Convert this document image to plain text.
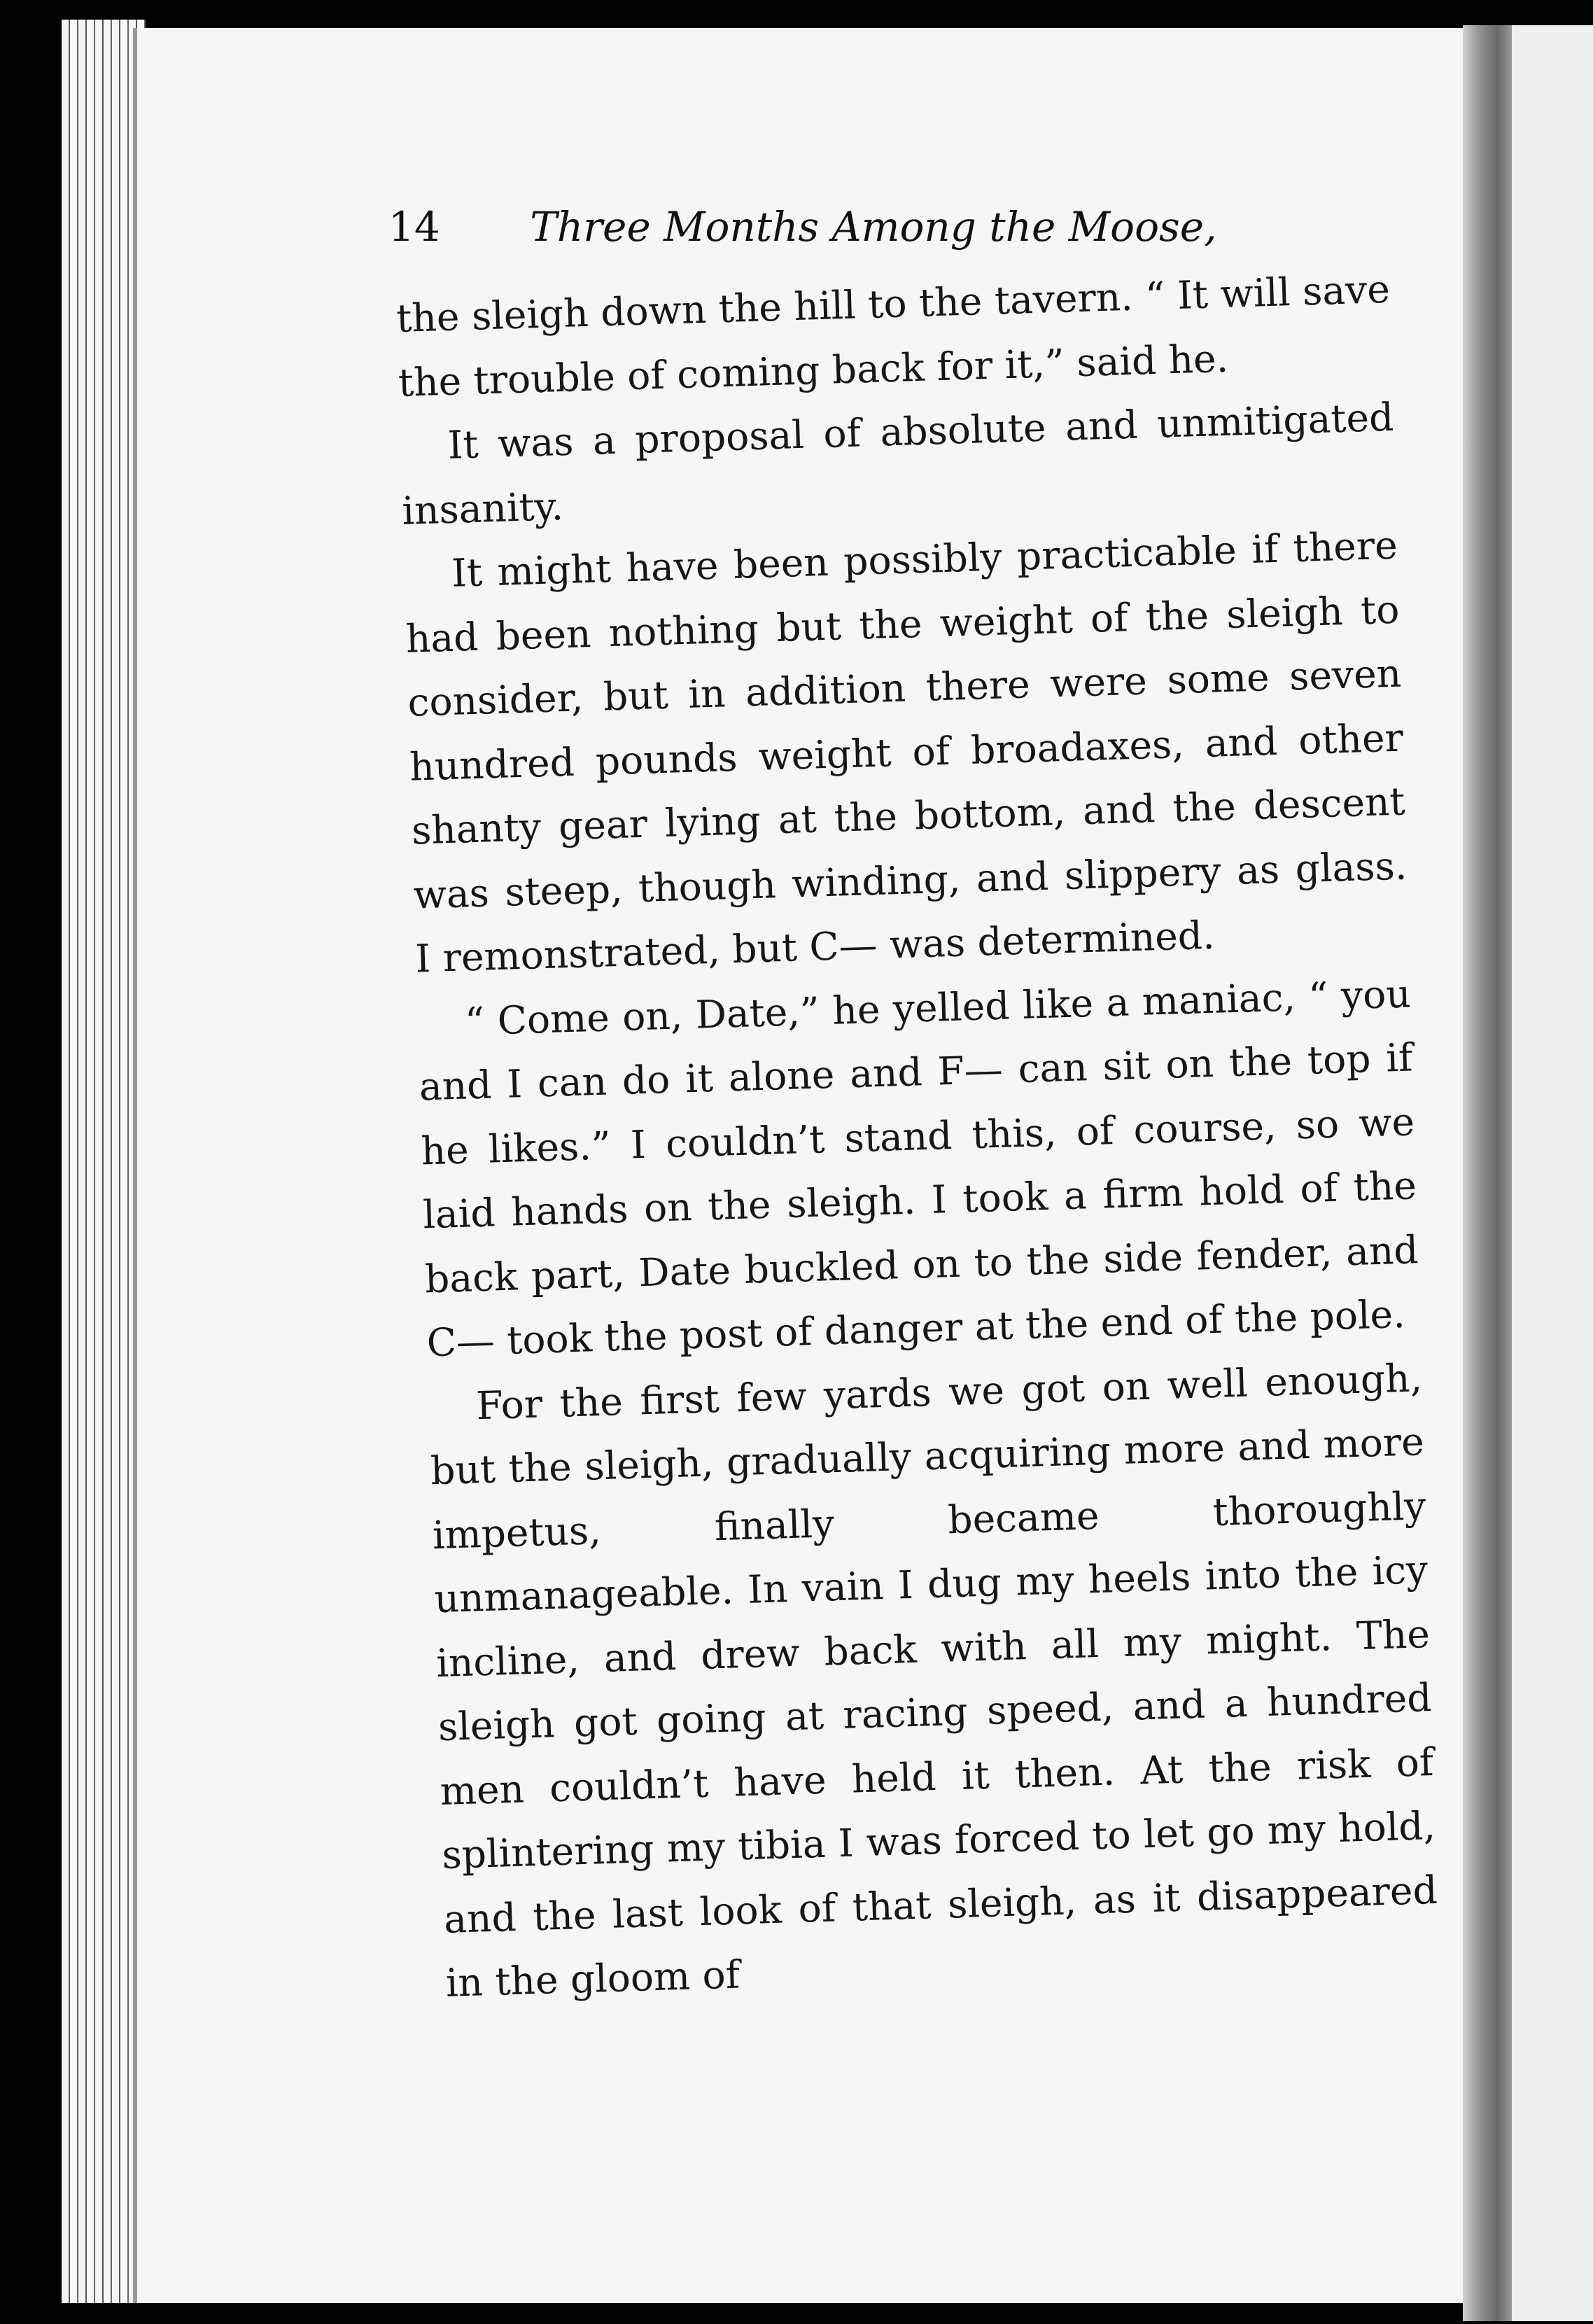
14 Three Months Among the Moose,

the sleigh down the hill to the tavern. “ It will save the trouble of coming back for it,” said he.

It was a proposal of absolute and unmitigated insanity.

It might have been possibly practicable if there had been nothing but the weight of the sleigh to consider, but in addition there were some seven hundred pounds weight of broadaxes, and other shanty gear lying at the bottom, and the descent was steep, though winding, and slippery as glass. I remonstrated, but C— was determined.

“ Come on, Date,” he yelled like a maniac, “ you and I can do it alone and F— can sit on the top if he likes.” I couldn’t stand this, of course, so we laid hands on the sleigh. I took a firm hold of the back part, Date buckled on to the side fender, and C— took the post of danger at the end of the pole.

For the first few yards we got on well enough, but the sleigh, gradually acquiring more and more impetus, finally became thoroughly unmanageable. In vain I dug my heels into the icy incline, and drew back with all my might. The sleigh got going at racing speed, and a hundred men couldn’t have held it then. At the risk of splintering my tibia I was forced to let go my hold, and the last look of that sleigh, as it disappeared in the gloom of
